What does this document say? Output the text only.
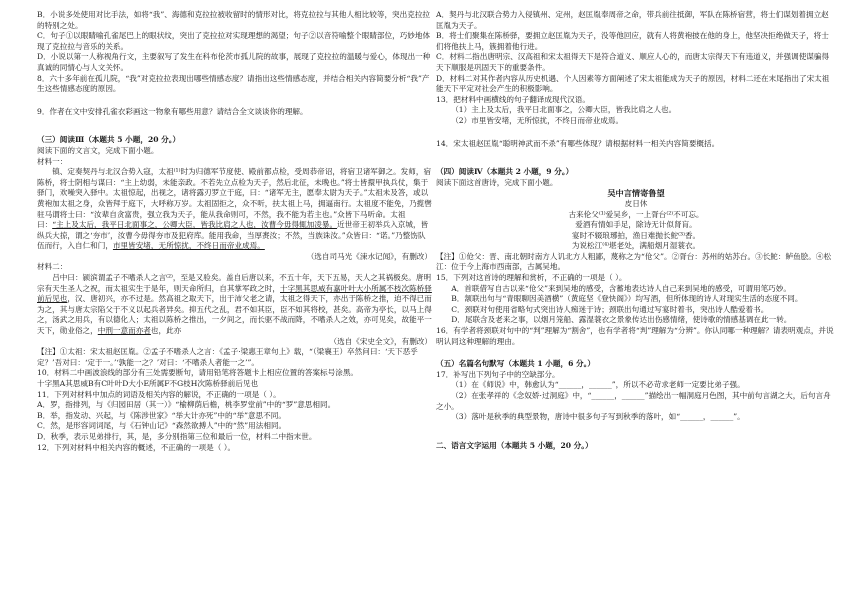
B．小说多处使用对比手法，如将“我”、海德和克拉拉被收留时的情形对比，将克拉拉与其他人相比较等，突出克拉拉的特别之处。

C．句子①以眼睛喻孔雀尾巴上的眼状纹，突出了克拉拉对实现理想的渴望；句子②以音符喻整个眼睛部位，巧妙地体现了克拉拉与音乐的关系。

D．小说以第一人称视角行文，主要叙写了发生在科布伦茨市孤儿院的故事，展现了克拉拉的温暖与爱心，体现出一种真诚的同情心与人文关怀。

8．六十多年前在孤儿院，“我”对克拉拉表现出哪些情感态度？请指出这些情感态度，并结合相关内容简要分析“我”产生这些情感态度的原因。

9．作者在文中安排孔雀衣彩画这一物象有哪些用意？请结合全文谈谈你的理解。

（三）阅读Ⅲ（本题共 5 小题，20 分。）

阅读下面的文言文，完成下面小题。

材料一：

镇、定奏契丹与北汉合势入寇，太祖⁽¹⁾时为归德军节度使、殿前都点检，受周恭帝诏，将宿卫诸军御之。发师，宿陈桥，将士阴相与谋曰：“主上幼弱，未能亲政。不若先立点检为天子，然后北征，未晚也。”将士皆擐甲执兵仗，集于驿门，欢噪突入驿中。太祖惊起，出视之，诸将露刃罗立于庭，曰：“诸军无主，愿奉太尉为天子。”太祖未及答，或以黄袍加太祖之身，众皆拜于庭下，大呼称万岁。太祖固拒之，众不听，扶太祖上马，拥逼南行。太祖度不能免，乃揽辔驻马谓将士曰：“汝辈自贪富贵，强立我为天子，能从我命则可，不然，我不能为若主也。”众皆下马听命。太祖曰：“主上及太后，我平日北面事之，公卿大臣，皆我比肩之人也，汝曹今毋得辄加凌暴。近世帝王初举兵入京城，皆纵兵大掠，谓之‘夯市’，汝曹今毋得夯市及犯府库。能用我命，当厚赉汝；不然，当族诛汝。”众皆曰：“诺。”乃整饬队伍而行，入自仁和门，市里皆安堵，无所惊扰，不终日而帝业成焉。

（选自司马光《涑水记闻》，有删改）

材料二：

吕中曰：颍滨谓孟子不嗜杀人之言⁽²⁾，至是又验矣。盖自后唐以来，不五十年，天下五易，天人之其祸极矣。唐明宗有天生圣人之祝，而太祖实生于是年，则天命所归，自其掌军政之时，十字黑其思威有嘉叶叶大小所属不枝次陈桥驿前后见也，汉、唐初兴，亦不过是。然高祖之取天下，出于沛父老之请，太祖之得天下，亦出于陈桥之推，迫不得已而为之，其与唐太宗陷父于不义以起兵者异矣。抑五代之乱，君不如其臣，臣不如其将校，甚矣。高帝为亭长，以马上得之，汤武之用兵，有以德化人；太祖以陈桥之推出，一夕间之，而长驱不战而降，不嗜杀人之效，亦可见矣，故能平一天下，勋业俗之，中刑一意而亦者也，此亦

（选自《宋史全文》，有删改）

【注】①太祖：宋太祖赵匡胤。②孟子不嗜杀人之言：《孟子·梁惠王章句上》载，“（梁襄王）卒然问曰：‘天下恶乎定？’吾对曰：‘定于一。’‘孰能一之？’对曰：‘不嗜杀人者能一之’”。

10．材料二中画波浪线的部分有三处需要断句，请用铅笔将答题卡上相应位置的答案标号涂黑。

十字黑A其思威B有C叶叶D大小E所属F不G枝H次陈桥驿前后见也

11．下列对材料中加点的词语及相关内容的解说，不正确的一项是（ ）。

A．罗，指排列，与《归园田居（其一）》“榆柳荫后檐，桃李罗堂前”中的“罗”意思相同。

B．举，指发动、兴起，与《陈涉世家》“举大计亦死”中的“举”意思不同。

C．然，是形容词词尾，与《石钟山记》“森然欲搏人”中的“然”用法相同。

D．秋季，表示见弟排行，其，是，多分别指第三位和最后一位，材料二中指末世。

12．下列对材料中相关内容的概述，不正确的一项是（ ）。

A．契丹与北汉联合势力入侵镇州、定州，赵匡胤奉周帝之命，带兵前往抵御，军队在陈桥宿营，将士们谋划着拥立赵匡胤为天子。

B．将士们聚集在陈桥驿，要拥立赵匡胤为天子，没等他回应，就有人将黄袍披在他的身上，他坚决拒绝做天子，将士们将他扶上马，簇拥着他行进。

C．材料二指出唐明宗、汉高祖和宋太祖得天下是符合道义、顺应人心的，而唐太宗得天下有违道义，并强调使谋骗得天下顺服是巩固天下的重要条件。

D．材料二对其作者内容从历史机遇、个人因素等方面阐述了宋太祖能成为天子的原因，材料二还在末尾指出了宋太祖能天下平定对社会产生的积极影响。

13．把材料中画横线的句子翻译成现代汉语。

（1）主上及太后，我平日北面事之，公卿大臣，皆我比肩之人也。

（2）市里皆安堵，无所惊扰，不终日而帝业成焉。

14．宋太祖赵匡胤“聪明神武而不杀”有哪些体现？请根据材料一相关内容简要概括。

（四）阅读Ⅳ（本题共 2 小题，9 分。）

阅读下面这首唐诗，完成下面小题。

吴中言情寄鲁望

皮日休

古来伦父⁽¹⁾爱吴乡，一上胥台⁽²⁾不可忘。

爱酒有情如手足，除诗无计似肾肓。

宴时不辍琅琊拍，渔日难抛长鮀⁽³⁾香。

为说松江⁽⁴⁾堪老处，满船烟月湿蓑衣。

【注】①伧父：晋、南北朝时南方人讥北方人粗鄙，蔑称之为“伧父”。②胥台：苏州的姑苏台。③长鮀：鲈鱼脍。④松江：位于今上海市西南部，古属吴地。

15．下列对这首诗的理解和赏析，不正确的一项是（ ）。

A．首联借写自古以来“伧父”来到吴地的感受，含蓄地表达诗人自己来到吴地的感受，可谓用笔巧妙。

B．颔联出句与“青眼聊因美酒横”（黄庭坚《登快阁》）均写酒，但所体现的诗人对现实生活的态度不同。

C．颈联对句使用省略句式突出诗人痴迷于诗；颈联出句通过写宴时着书，突出诗人酷爱着书。

D．尾联含及老来之事，以烟月笼船、露湿蓑衣之景象传达出伤感情绪，使诗歌的情感基调在此一转。

16．有学者将颈联对句中的“判”理解为“割舍”，也有学者将“判”理解为“分辨”。你认同哪一种理解？请表明观点，并说明认同这种理解的理由。

（五）名篇名句默写（本题共 1 小题，6 分。）

17．补写出下列句子中的空缺部分。

（1）在《师说》中，韩愈认为“______，______”，所以不必苛求老师一定要比弟子强。

（2）在张孝祥的《念奴娇·过洞庭》中，“______，______”描绘出一幅洞庭月色图，其中前句言湖之大，后句言舟之小。

（3）落叶是秋季的典型景物，唐诗中很多句子写到秋季的落叶，如“______，______”。

二、语言文字运用（本题共 5 小题，20 分。）
